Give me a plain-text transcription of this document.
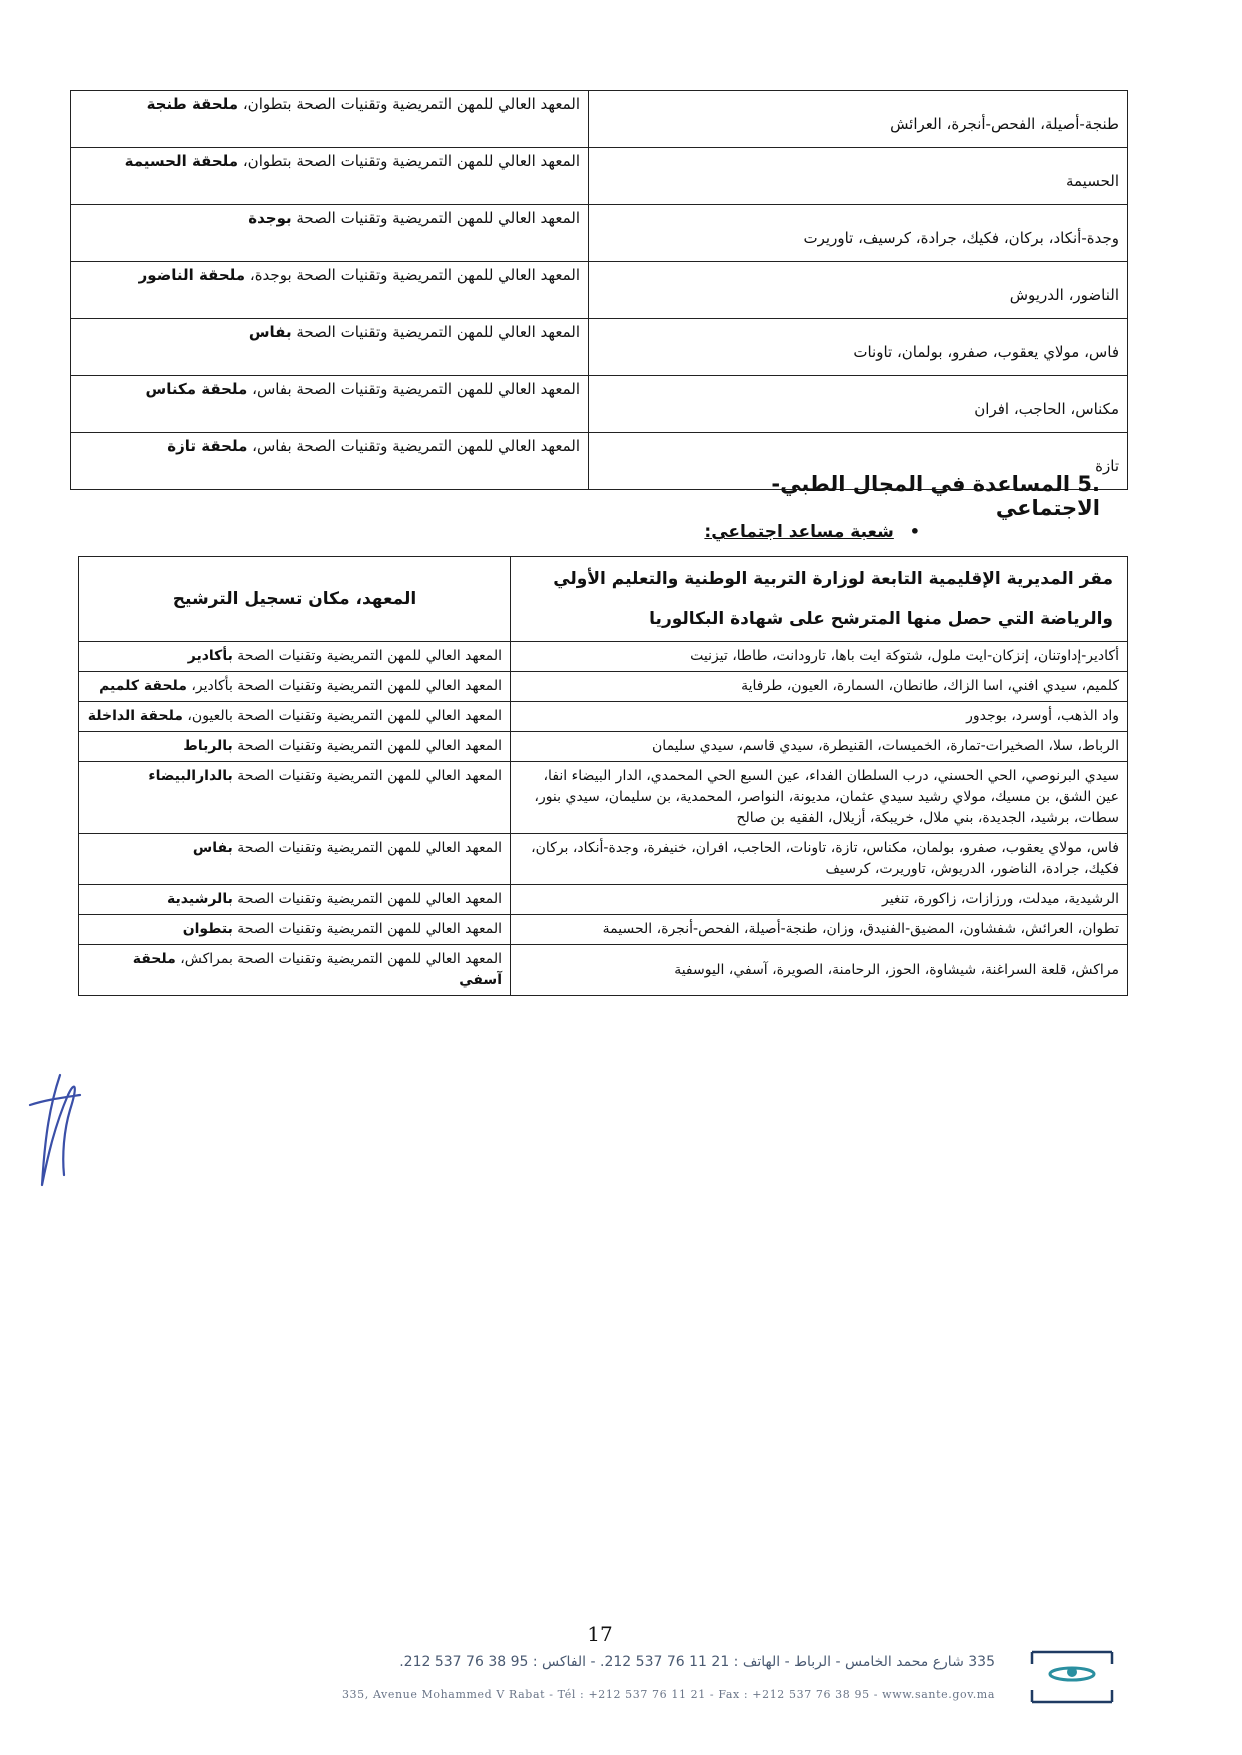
طنجة-أصيلة، الفحص-أنجرة، العرائش	المعهد العالي للمهن التمريضية وتقنيات الصحة بتطوان، ملحقة طنجة
الحسيمة	المعهد العالي للمهن التمريضية وتقنيات الصحة بتطوان، ملحقة الحسيمة
وجدة-أنكاد، بركان، فكيك، جرادة، كرسيف، تاوريرت	المعهد العالي للمهن التمريضية وتقنيات الصحة بوجدة
الناضور، الدريوش	المعهد العالي للمهن التمريضية وتقنيات الصحة بوجدة، ملحقة الناضور
فاس، مولاي يعقوب، صفرو، بولمان، تاونات	المعهد العالي للمهن التمريضية وتقنيات الصحة بفاس
مكناس، الحاجب، افران	المعهد العالي للمهن التمريضية وتقنيات الصحة بفاس، ملحقة مكناس
تازة	المعهد العالي للمهن التمريضية وتقنيات الصحة بفاس، ملحقة تازة
.5 المساعدة في المجال الطبي-الاجتماعي
• شعبة مساعد اجتماعي:
مقر المديرية الإقليمية التابعة لوزارة التربية الوطنية والتعليم الأولي والرياضة التي حصل منها المترشح على شهادة البكالوريا	المعهد، مكان تسجيل الترشيح
أكادير-إداوتنان، إنزكان-ايت ملول، شتوكة ايت باها، تارودانت، طاطا، تيزنيت	المعهد العالي للمهن التمريضية وتقنيات الصحة بأكادير
كلميم، سيدي افني، اسا الزاك، طانطان، السمارة، العيون، طرفاية	المعهد العالي للمهن التمريضية وتقنيات الصحة بأكادير، ملحقة كلميم
واد الذهب، أوسرد، بوجدور	المعهد العالي للمهن التمريضية وتقنيات الصحة بالعيون، ملحقة الداخلة
الرباط، سلا، الصخيرات-تمارة، الخميسات، القنيطرة، سيدي قاسم، سيدي سليمان	المعهد العالي للمهن التمريضية وتقنيات الصحة بالرباط
سيدي البرنوصي، الحي الحسني، درب السلطان الفداء، عين السبع الحي المحمدي، الدار البيضاء انفا، عين الشق، بن مسيك، مولاي رشيد سيدي عثمان، مديونة، النواصر، المحمدية، بن سليمان، سيدي بنور، سطات، برشيد، الجديدة، بني ملال، خريبكة، أزيلال، الفقيه بن صالح	المعهد العالي للمهن التمريضية وتقنيات الصحة بالدارالبيضاء
فاس، مولاي يعقوب، صفرو، بولمان، مكناس، تازة، تاونات، الحاجب، افران، خنيفرة، وجدة-أنكاد، بركان، فكيك، جرادة، الناضور، الدريوش، تاوريرت، كرسيف	المعهد العالي للمهن التمريضية وتقنيات الصحة بفاس
الرشيدية، ميدلت، ورزازات، زاكورة، تنغير	المعهد العالي للمهن التمريضية وتقنيات الصحة بالرشيدية
تطوان، العرائش، شفشاون، المضيق-الفنيدق، وزان، طنجة-أصيلة، الفحص-أنجرة، الحسيمة	المعهد العالي للمهن التمريضية وتقنيات الصحة بتطوان
مراكش، قلعة السراغنة، شيشاوة، الحوز، الرحامنة، الصويرة، آسفي، اليوسفية	المعهد العالي للمهن التمريضية وتقنيات الصحة بمراكش، ملحقة آسفي
17
335 شارع محمد الخامس - الرباط - الهاتف : 21 11 76 537 212. - الفاكس : 95 38 76 537 212.
335, Avenue Mohammed V Rabat - Tél : +212 537 76 11 21 - Fax : +212 537 76 38 95 - www.sante.gov.ma
